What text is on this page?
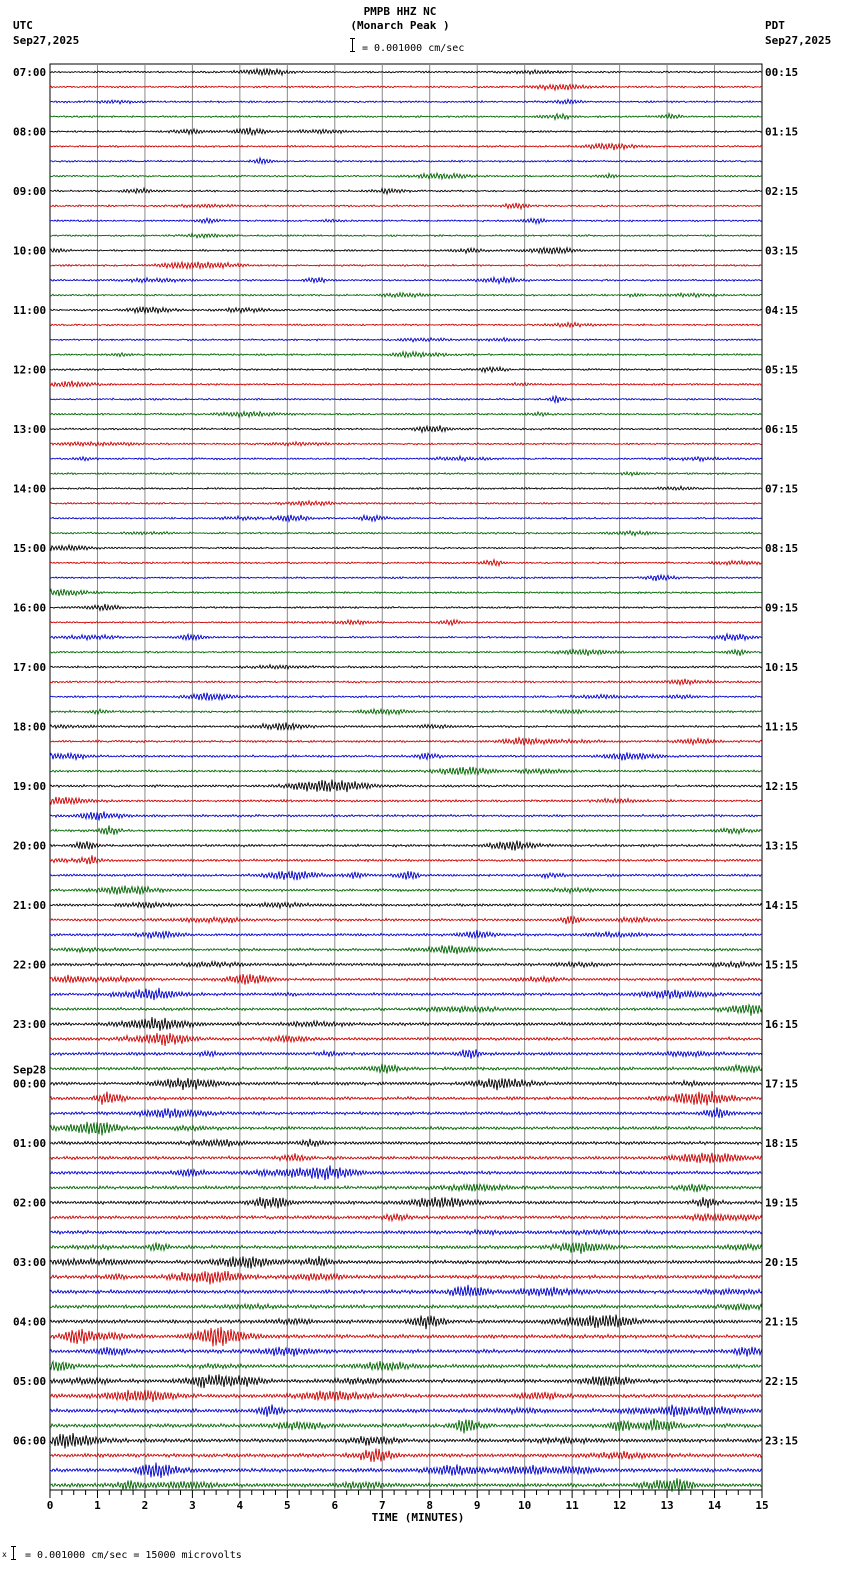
PMPB HHZ NC
(Monarch Peak )
= 0.001000 cm/sec
UTC
Sep27,2025
PDT
Sep27,2025
07:00
08:00
09:00
10:00
11:00
12:00
13:00
14:00
15:00
16:00
17:00
18:00
19:00
20:00
21:00
22:00
23:00
00:00
Sep28
01:00
02:00
03:00
04:00
05:00
06:00
00:15
01:15
02:15
03:15
04:15
05:15
06:15
07:15
08:15
09:15
10:15
11:15
12:15
13:15
14:15
15:15
16:15
17:15
18:15
19:15
20:15
21:15
22:15
23:15
0	1	2	3	4	5	6	7	8	9	10	11	12	13	14	15
TIME (MINUTES)
x = 0.001000 cm/sec = 15000 microvolts
